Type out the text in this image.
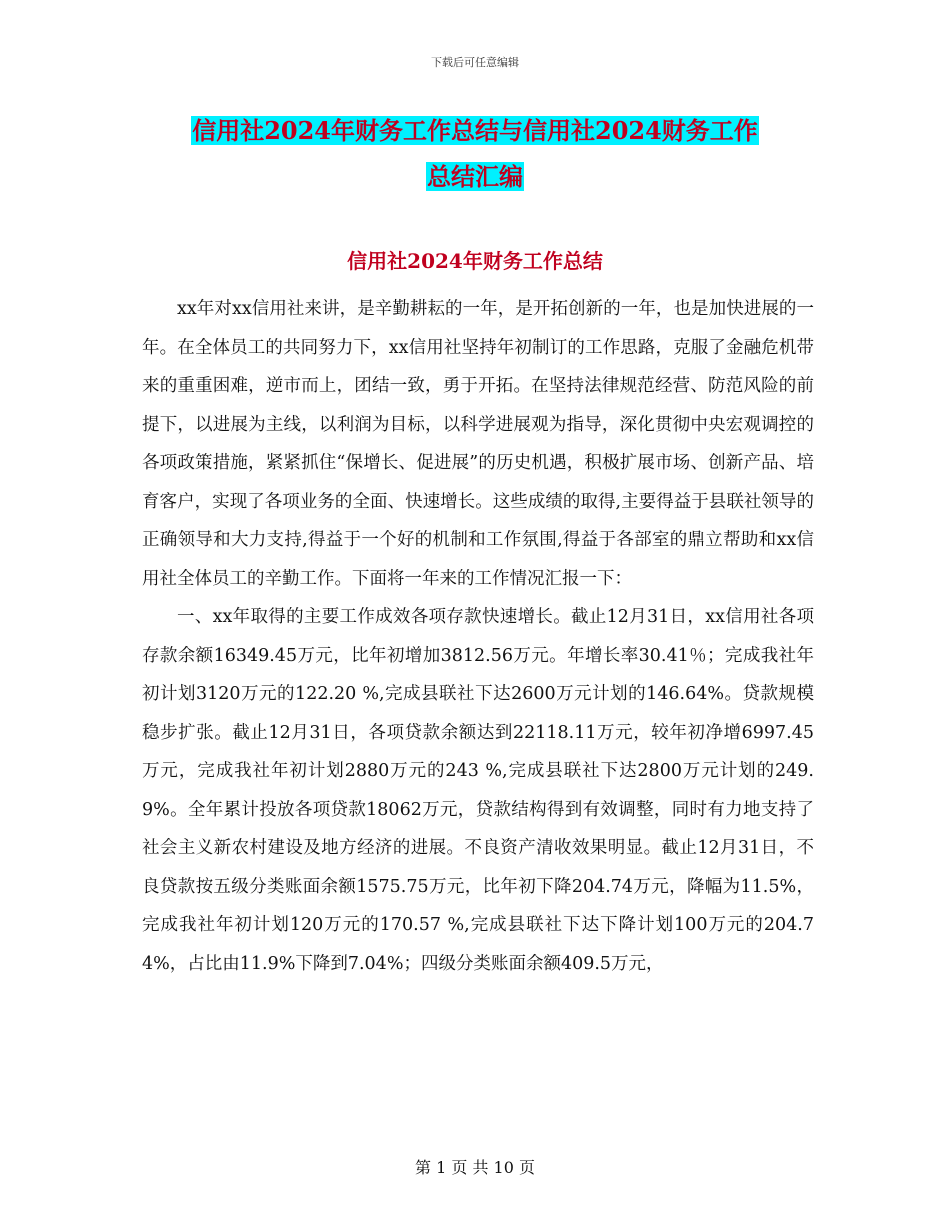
下载后可任意编辑
信用社2024年财务工作总结与信用社2024财务工作
总结汇编
信用社2024年财务工作总结

xx年对xx信用社来讲，是辛勤耕耘的一年，是开拓创新的一年，也是加快进展的一年。在全体员工的共同努力下，xx信用社坚持年初制订的工作思路，克服了金融危机带来的重重困难，逆市而上，团结一致，勇于开拓。在坚持法律规范经营、防范风险的前提下，以进展为主线，以利润为目标，以科学进展观为指导，深化贯彻中央宏观调控的各项政策措施，紧紧抓住“保增长、促进展”的历史机遇，积极扩展市场、创新产品、培育客户，实现了各项业务的全面、快速增长。这些成绩的取得,主要得益于县联社领导的正确领导和大力支持,得益于一个好的机制和工作氛围,得益于各部室的鼎立帮助和xx信用社全体员工的辛勤工作。下面将一年来的工作情况汇报一下：

一、xx年取得的主要工作成效各项存款快速增长。截止12月31日，xx信用社各项存款余额16349.45万元，比年初增加3812.56万元。年增长率30.41％；完成我社年初计划3120万元的122.20 %,完成县联社下达2600万元计划的146.64%。贷款规模稳步扩张。截止12月31日，各项贷款余额达到22118.11万元，较年初净增6997.45万元，完成我社年初计划2880万元的243 %,完成县联社下达2800万元计划的249.9%。全年累计投放各项贷款18062万元，贷款结构得到有效调整，同时有力地支持了社会主义新农村建设及地方经济的进展。不良资产清收效果明显。截止12月31日，不良贷款按五级分类账面余额1575.75万元，比年初下降204.74万元，降幅为11.5%，完成我社年初计划120万元的170.57 %,完成县联社下达下降计划100万元的204.74%，占比由11.9%下降到7.04%；四级分类账面余额409.5万元，

第 1 页 共 10 页
